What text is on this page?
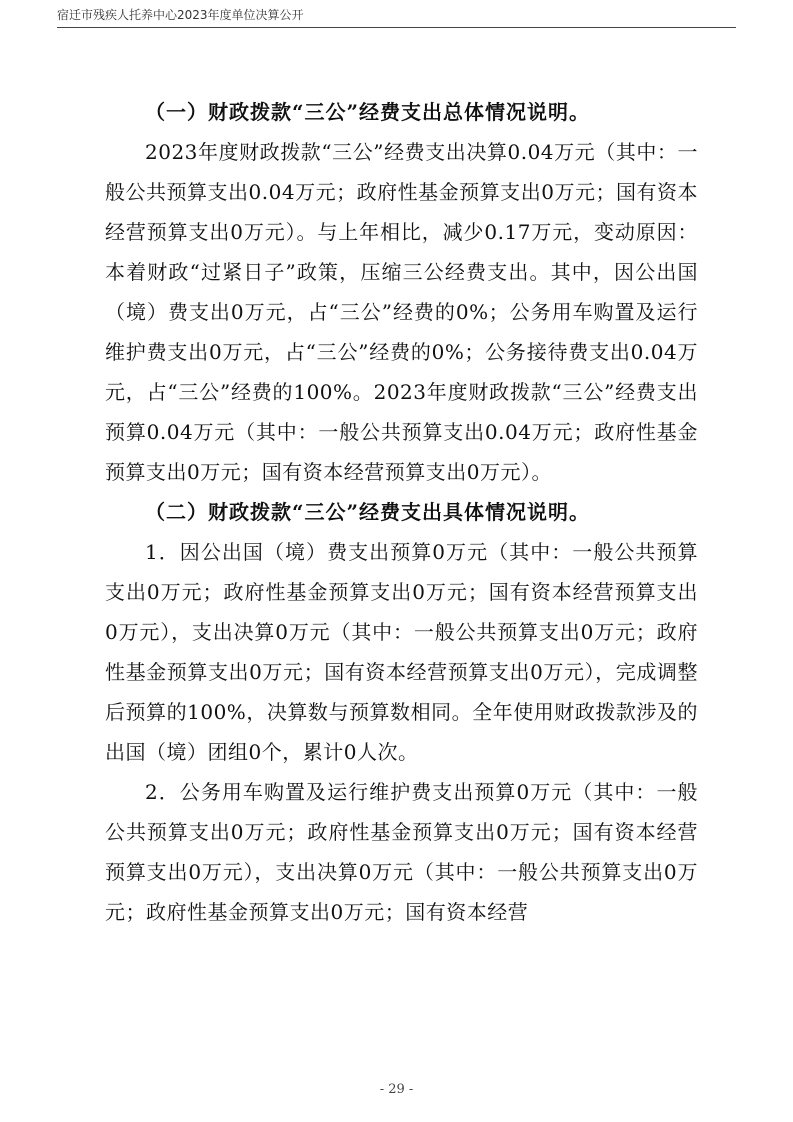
宿迁市残疾人托养中心2023年度单位决算公开

（一）财政拨款“三公”经费支出总体情况说明。

2023年度财政拨款“三公”经费支出决算0.04万元（其中：一般公共预算支出0.04万元；政府性基金预算支出0万元；国有资本经营预算支出0万元）。与上年相比，减少0.17万元，变动原因：本着财政“过紧日子”政策，压缩三公经费支出。其中，因公出国（境）费支出0万元，占“三公”经费的0%；公务用车购置及运行维护费支出0万元，占“三公”经费的0%；公务接待费支出0.04万元，占“三公”经费的100%。2023年度财政拨款“三公”经费支出预算0.04万元（其中：一般公共预算支出0.04万元；政府性基金预算支出0万元；国有资本经营预算支出0万元）。

（二）财政拨款“三公”经费支出具体情况说明。

1．因公出国（境）费支出预算0万元（其中：一般公共预算支出0万元；政府性基金预算支出0万元；国有资本经营预算支出0万元），支出决算0万元（其中：一般公共预算支出0万元；政府性基金预算支出0万元；国有资本经营预算支出0万元），完成调整后预算的100%，决算数与预算数相同。全年使用财政拨款涉及的出国（境）团组0个，累计0人次。

2．公务用车购置及运行维护费支出预算0万元（其中：一般公共预算支出0万元；政府性基金预算支出0万元；国有资本经营预算支出0万元），支出决算0万元（其中：一般公共预算支出0万元；政府性基金预算支出0万元；国有资本经营

- 29 -
